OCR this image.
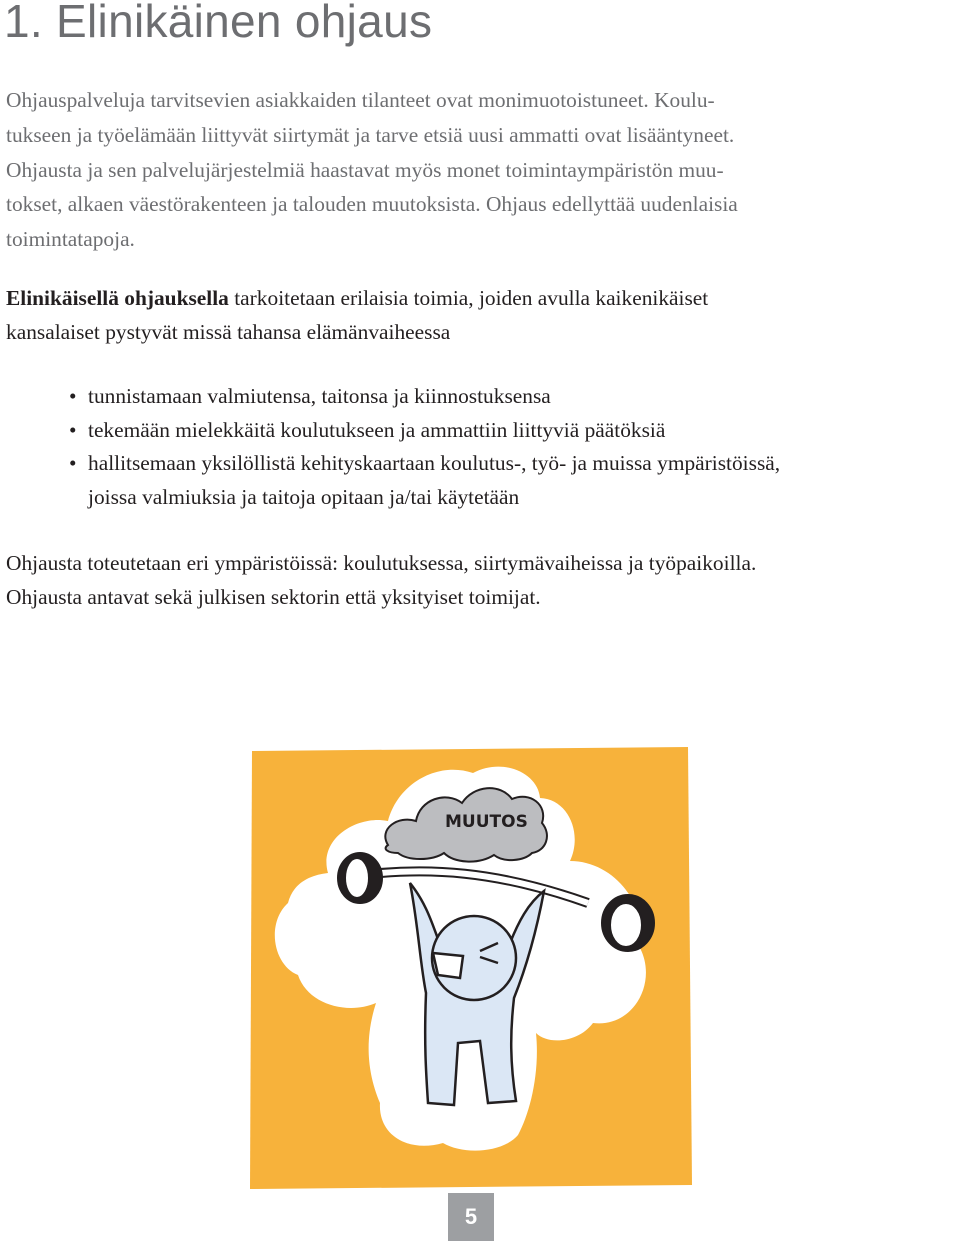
1. Elinikäinen ohjaus

Ohjauspalveluja tarvitsevien asiakkaiden tilanteet ovat monimuotoistuneet. Koulu-
tukseen ja työelämään liittyvät siirtymät ja tarve etsiä uusi ammatti ovat lisääntyneet.
Ohjausta ja sen palvelujärjestelmiä haastavat myös monet toimintaympäristön muu-
tokset, alkaen väestörakenteen ja talouden muutoksista. Ohjaus edellyttää uudenlaisia
toimintatapoja.

Elinikäisellä ohjauksella tarkoitetaan erilaisia toimia, joiden avulla kaikenikäiset
kansalaiset pystyvät missä tahansa elämänvaiheessa

• tunnistamaan valmiutensa, taitonsa ja kiinnostuksensa
• tekemään mielekkäitä koulutukseen ja ammattiin liittyviä päätöksiä
• hallitsemaan yksilöllistä kehityskaartaan koulutus-, työ- ja muissa ympäristöissä,
joissa valmiuksia ja taitoja opitaan ja/tai käytetään

Ohjausta toteutetaan eri ympäristöissä: koulutuksessa, siirtymävaiheissa ja työpaikoilla.
Ohjausta antavat sekä julkisen sektorin että yksityiset toimijat.

MUUTOS
5
